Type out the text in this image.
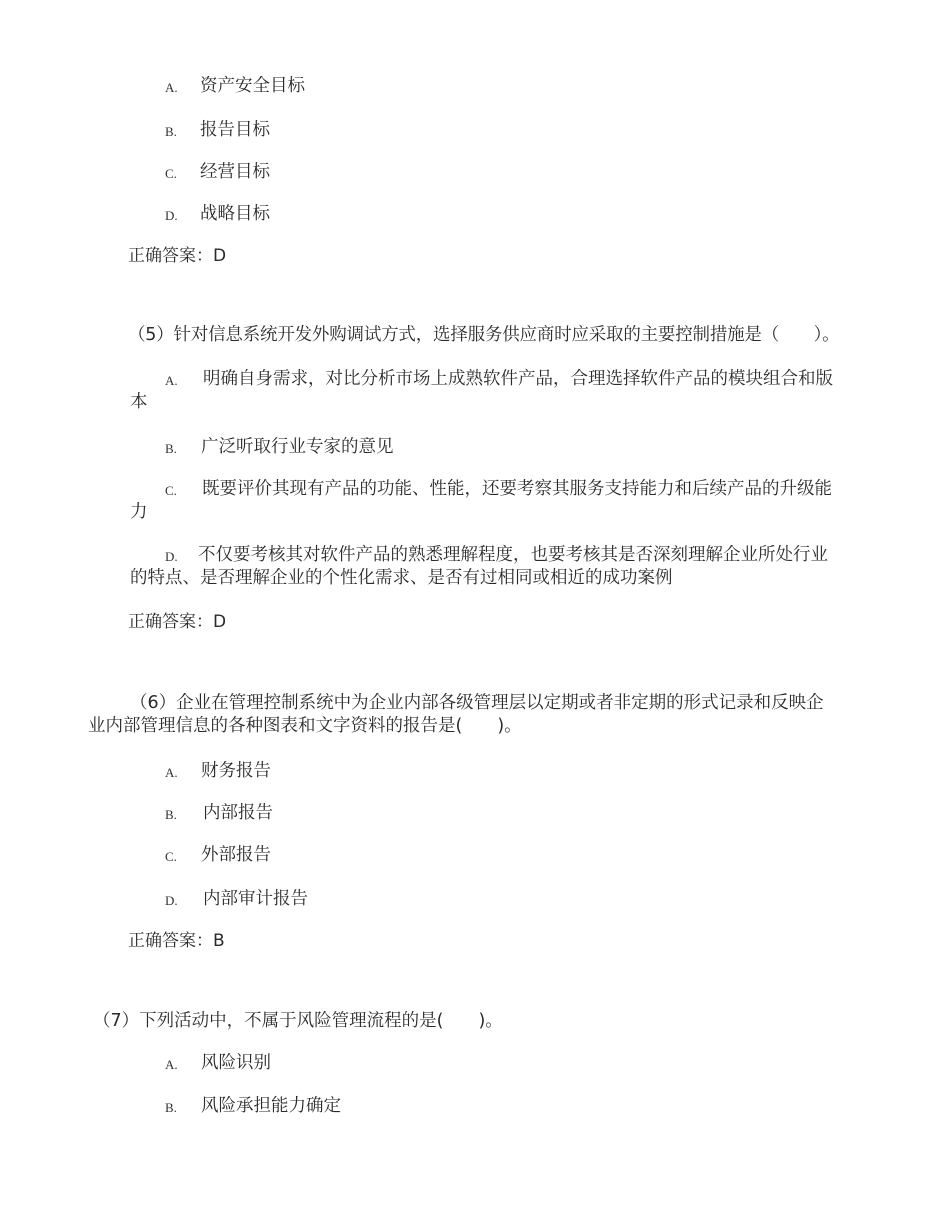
A. 资产安全目标
B. 报告目标
C. 经营目标
D. 战略目标
正确答案：D
（5）针对信息系统开发外购调试方式，选择服务供应商时应采取的主要控制措施是（　　）。
A. 明确自身需求，对比分析市场上成熟软件产品，合理选择软件产品的模块组合和版
本
B. 广泛听取行业专家的意见
C. 既要评价其现有产品的功能、性能，还要考察其服务支持能力和后续产品的升级能
力
D. 不仅要考核其对软件产品的熟悉理解程度，也要考核其是否深刻理解企业所处行业
的特点、是否理解企业的个性化需求、是否有过相同或相近的成功案例
正确答案：D
（6）企业在管理控制系统中为企业内部各级管理层以定期或者非定期的形式记录和反映企
业内部管理信息的各种图表和文字资料的报告是(　　)。
A. 财务报告
B. 内部报告
C. 外部报告
D. 内部审计报告
正确答案：B
（7）下列活动中，不属于风险管理流程的是(　　)。
A. 风险识别
B. 风险承担能力确定
